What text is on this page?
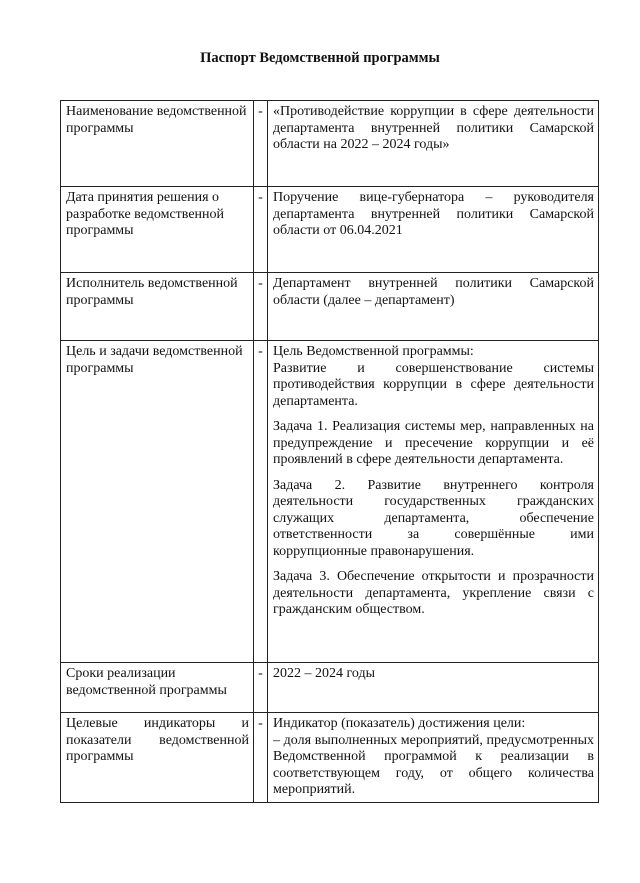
Паспорт Ведомственной программы
Наименование ведомственной программы	-	«Противодействие коррупции в сфере деятельности департамента внутренней политики Самарской области на 2022 – 2024 годы»
Дата принятия решения о разработке ведомственной программы	-	Поручение вице-губернатора – руководителя департамента внутренней политики Самарской области от 06.04.2021
Исполнитель ведомственной программы	-	Департамент внутренней политики Самарской области (далее – департамент)
Цель и задачи ведомственной программы	-	Цель Ведомственной программы:

Развитие и совершенствование системы противодействия коррупции в сфере деятельности департамента.

Задача 1. Реализация системы мер, направленных на предупреждение и пресечение коррупции и её проявлений в сфере деятельности департамента.

Задача 2. Развитие внутреннего контроля деятельности государственных гражданских служащих департамента, обеспечение ответственности за совершённые ими коррупционные правонарушения.

Задача 3. Обеспечение открытости и прозрачности деятельности департамента, укрепление связи с гражданским обществом.

Сроки реализации ведомственной программы	-	2022 – 2024 годы
Целевые индикаторы и показатели ведомственной программы	-	Индикатор (показатель) достижения цели:

– доля выполненных мероприятий, предусмотренных Ведомственной программой к реализации в соответствующем году, от общего количества мероприятий.
